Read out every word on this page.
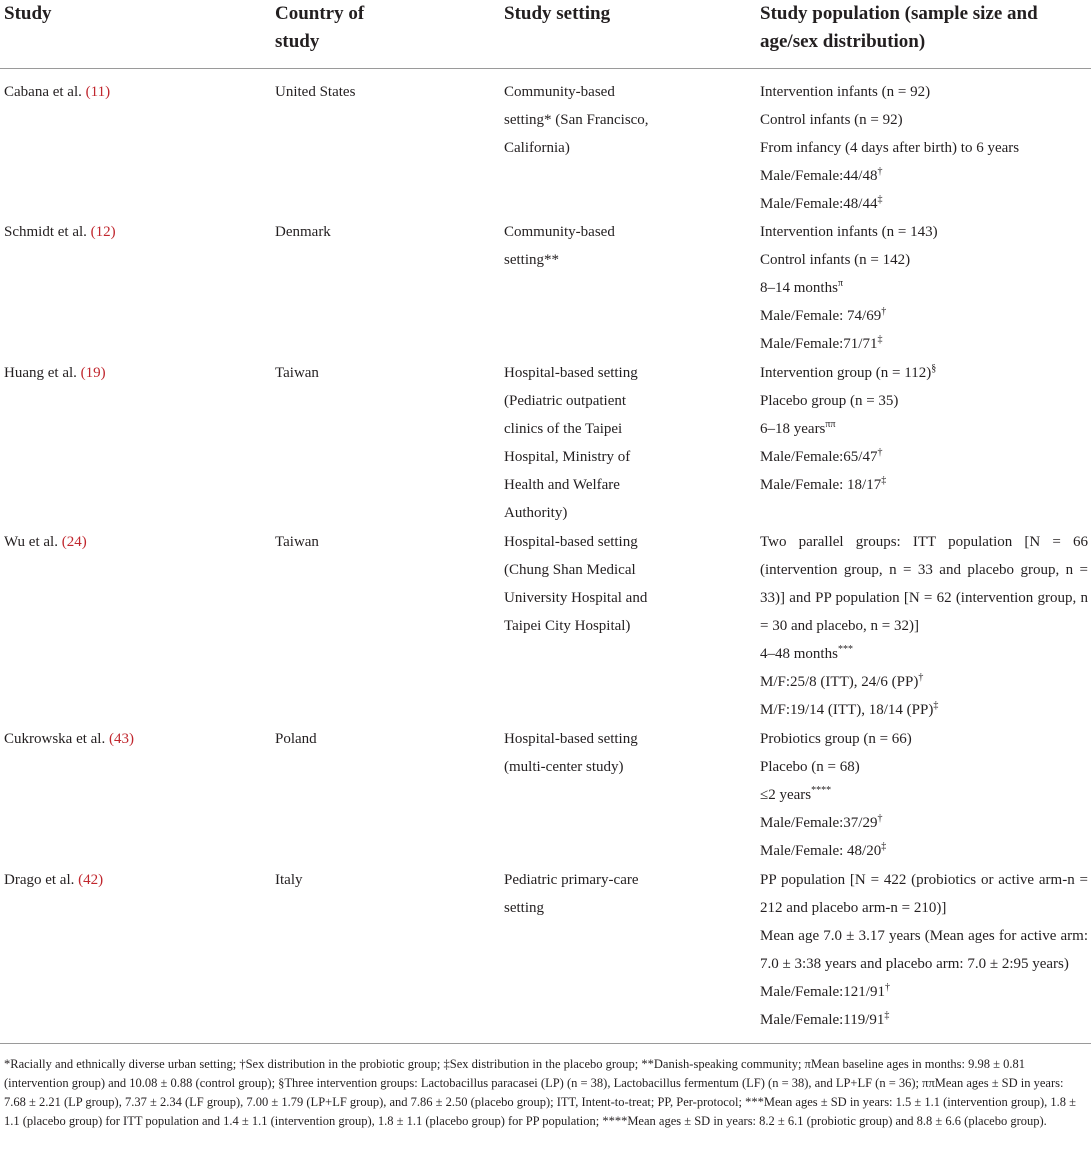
Study	Country of study	Study setting	Study population (sample size and age/sex distribution)
Cabana et al. (11)	United States	Community-based setting* (San Francisco, California)	Intervention infants (n = 92)
Control infants (n = 92)
From infancy (4 days after birth) to 6 years
Male/Female:44/48†
Male/Female:48/44‡

Schmidt et al. (12)	Denmark	Community-based setting**	Intervention infants (n = 143)
Control infants (n = 142)
8–14 months$^\pi$
Male/Female: 74/69†
Male/Female:71/71‡

Huang et al. (19)	Taiwan	Hospital-based setting (Pediatric outpatient clinics of the Taipei Hospital, Ministry of Health and Welfare Authority)	Intervention group (n = 112)§
Placebo group (n = 35)
6–18 years$^{\pi\pi}$
Male/Female:65/47†
Male/Female: 18/17‡

Wu et al. (24)	Taiwan	Hospital-based setting (Chung Shan Medical University Hospital and Taipei City Hospital)	Two parallel groups: ITT population [N = 66 (intervention group, n = 33 and placebo group, n = 33)] and PP population [N = 62 (intervention group, n = 30 and placebo, n = 32)]
4–48 months***
M/F:25/8 (ITT), 24/6 (PP)†
M/F:19/14 (ITT), 18/14 (PP)‡

Cukrowska et al. (43)	Poland	Hospital-based setting (multi-center study)	Probiotics group (n = 66)
Placebo (n = 68)
≤2 years****
Male/Female:37/29†
Male/Female: 48/20‡

Drago et al. (42)	Italy	Pediatric primary-care setting	PP population [N = 422 (probiotics or active arm-n = 212 and placebo arm-n = 210)]
Mean age 7.0 ± 3.17 years (Mean ages for active arm: 7.0 ± 3:38 years and placebo arm: 7.0 ± 2:95 years)
Male/Female:121/91†
Male/Female:119/91‡
*Racially and ethnically diverse urban setting; †Sex distribution in the probiotic group; ‡Sex distribution in the placebo group; **Danish-speaking community; πMean baseline ages in months: 9.98 ± 0.81 (intervention group) and 10.08 ± 0.88 (control group); §Three intervention groups: Lactobacillus paracasei (LP) (n = 38), Lactobacillus fermentum (LF) (n = 38), and LP+LF (n = 36); ππMean ages ± SD in years: 7.68 ± 2.21 (LP group), 7.37 ± 2.34 (LF group), 7.00 ± 1.79 (LP+LF group), and 7.86 ± 2.50 (placebo group); ITT, Intent-to-treat; PP, Per-protocol; ***Mean ages ± SD in years: 1.5 ± 1.1 (intervention group), 1.8 ± 1.1 (placebo group) for ITT population and 1.4 ± 1.1 (intervention group), 1.8 ± 1.1 (placebo group) for PP population; ****Mean ages ± SD in years: 8.2 ± 6.1 (probiotic group) and 8.8 ± 6.6 (placebo group).
